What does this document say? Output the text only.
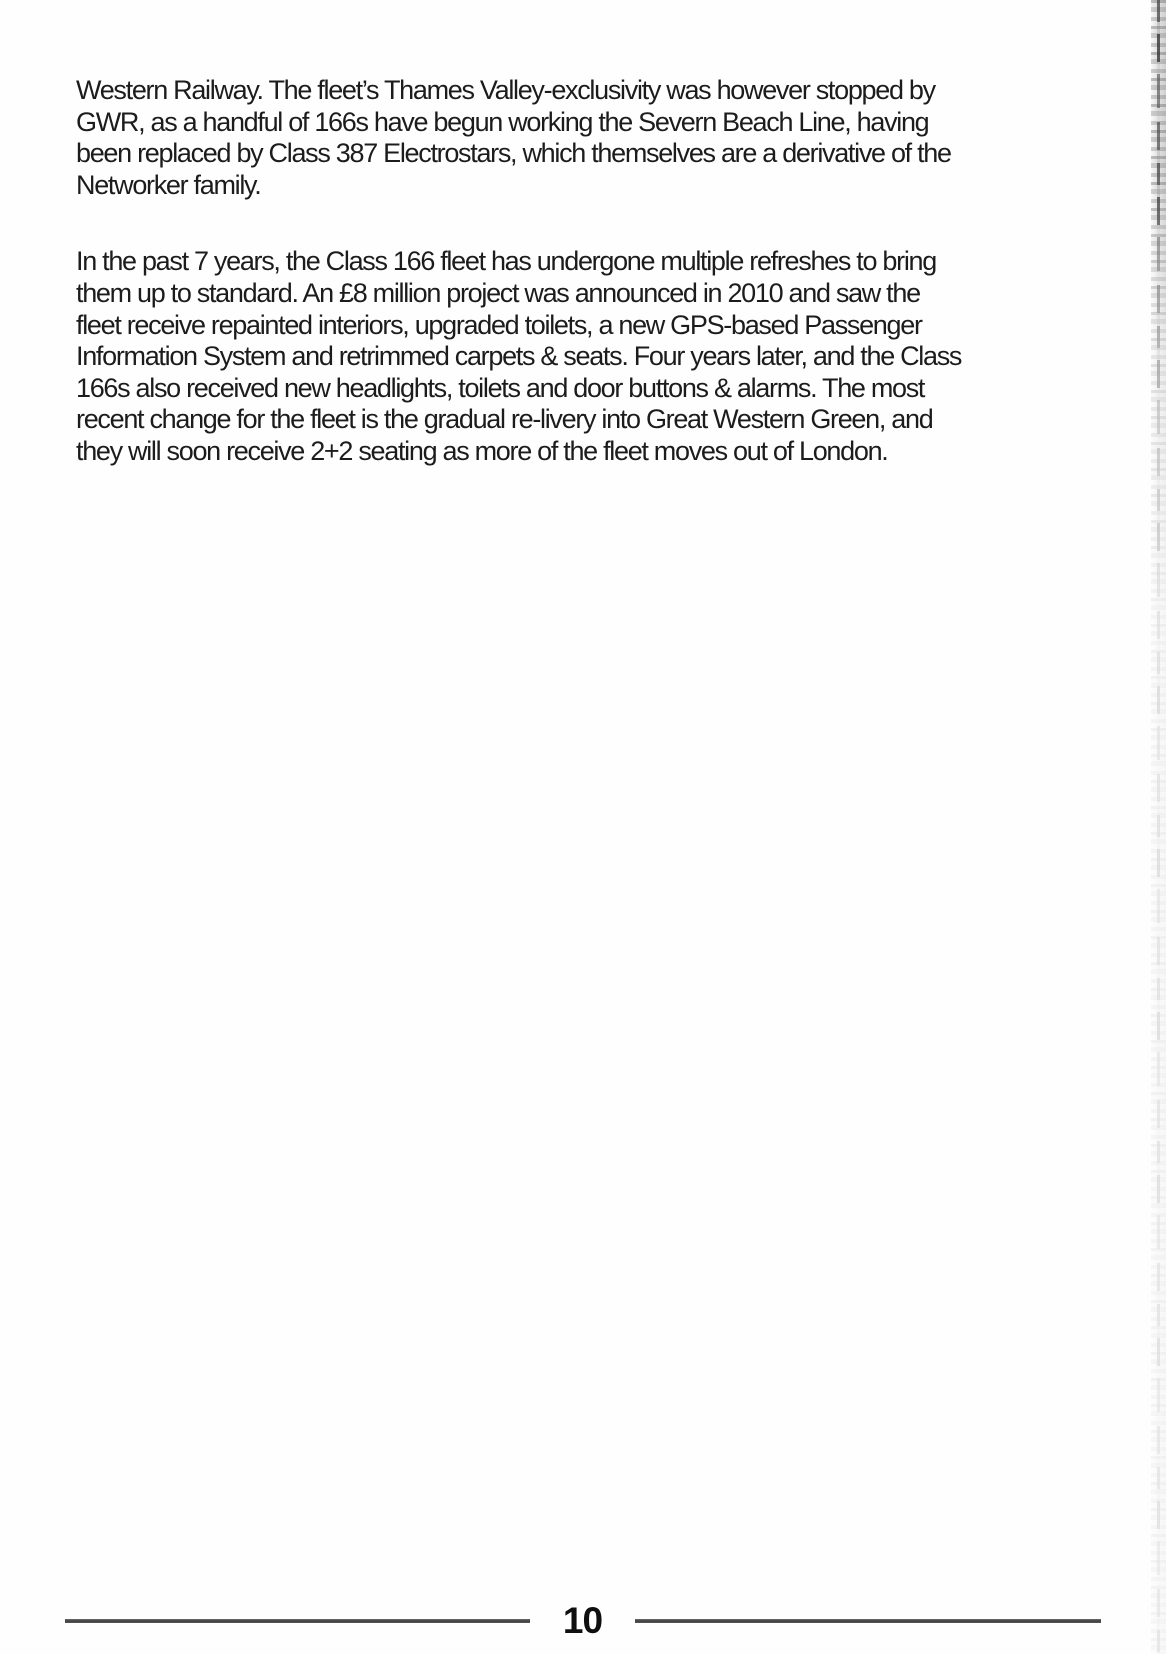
Western Railway. The fleet’s Thames Valley-exclusivity was however stopped by
GWR, as a handful of 166s have begun working the Severn Beach Line, having
been replaced by Class 387 Electrostars, which themselves are a derivative of the
Networker family.
In the past 7 years, the Class 166 fleet has undergone multiple refreshes to bring
them up to standard. An £8 million project was announced in 2010 and saw the
fleet receive repainted interiors, upgraded toilets, a new GPS-based Passenger
Information System and retrimmed carpets & seats. Four years later, and the Class
166s also received new headlights, toilets and door buttons & alarms. The most
recent change for the fleet is the gradual re-livery into Great Western Green, and
they will soon receive 2+2 seating as more of the fleet moves out of London.
10
